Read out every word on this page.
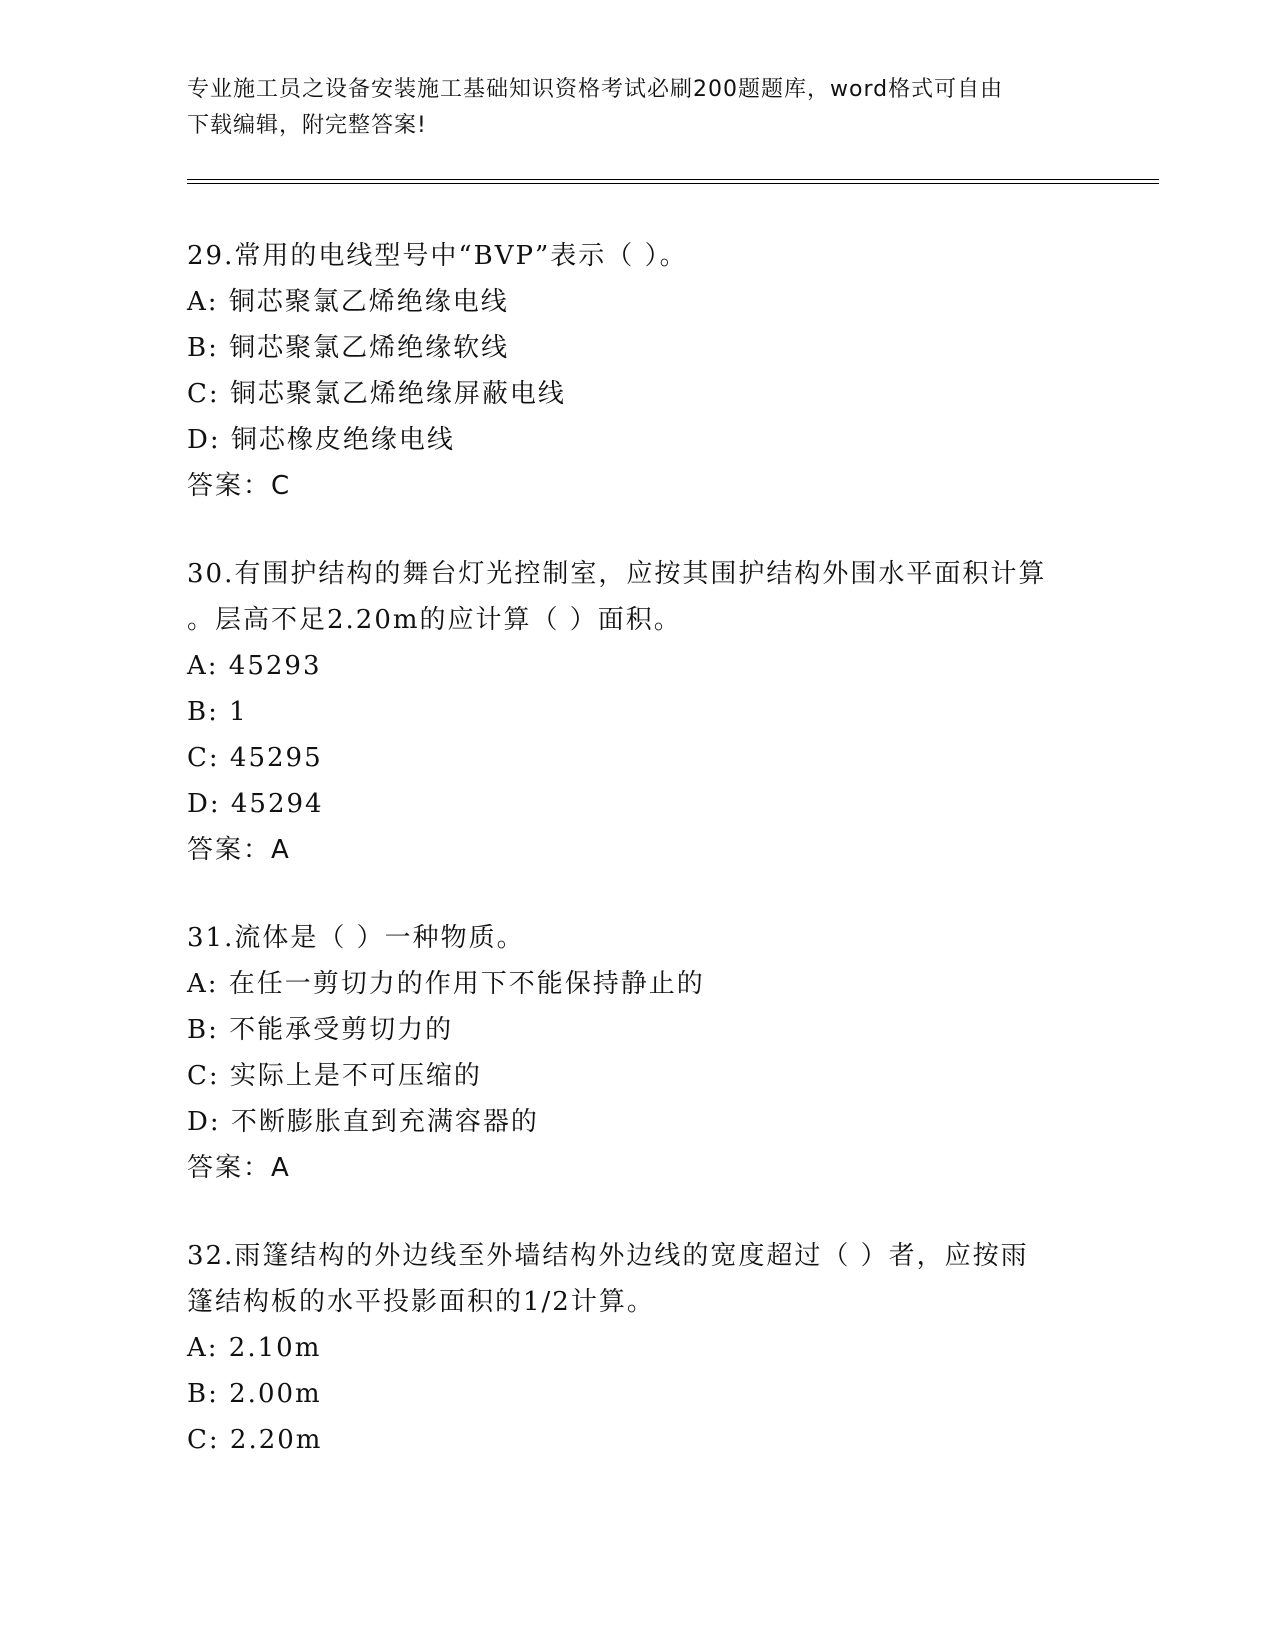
专业施工员之设备安装施工基础知识资格考试必刷200题题库，word格式可自由
下载编辑，附完整答案!
29.常用的电线型号中“BVP”表示（ ）。
A: 铜芯聚氯乙烯绝缘电线
B: 铜芯聚氯乙烯绝缘软线
C: 铜芯聚氯乙烯绝缘屏蔽电线
D: 铜芯橡皮绝缘电线
答案：C
30.有围护结构的舞台灯光控制室，应按其围护结构外围水平面积计算
。层高不足2.20m的应计算（ ）面积。
A: 45293
B: 1
C: 45295
D: 45294
答案：A
31.流体是（ ）一种物质。
A: 在任一剪切力的作用下不能保持静止的
B: 不能承受剪切力的
C: 实际上是不可压缩的
D: 不断膨胀直到充满容器的
答案：A
32.雨篷结构的外边线至外墙结构外边线的宽度超过（ ）者，应按雨
篷结构板的水平投影面积的1/2计算。
A: 2.10m
B: 2.00m
C: 2.20m
